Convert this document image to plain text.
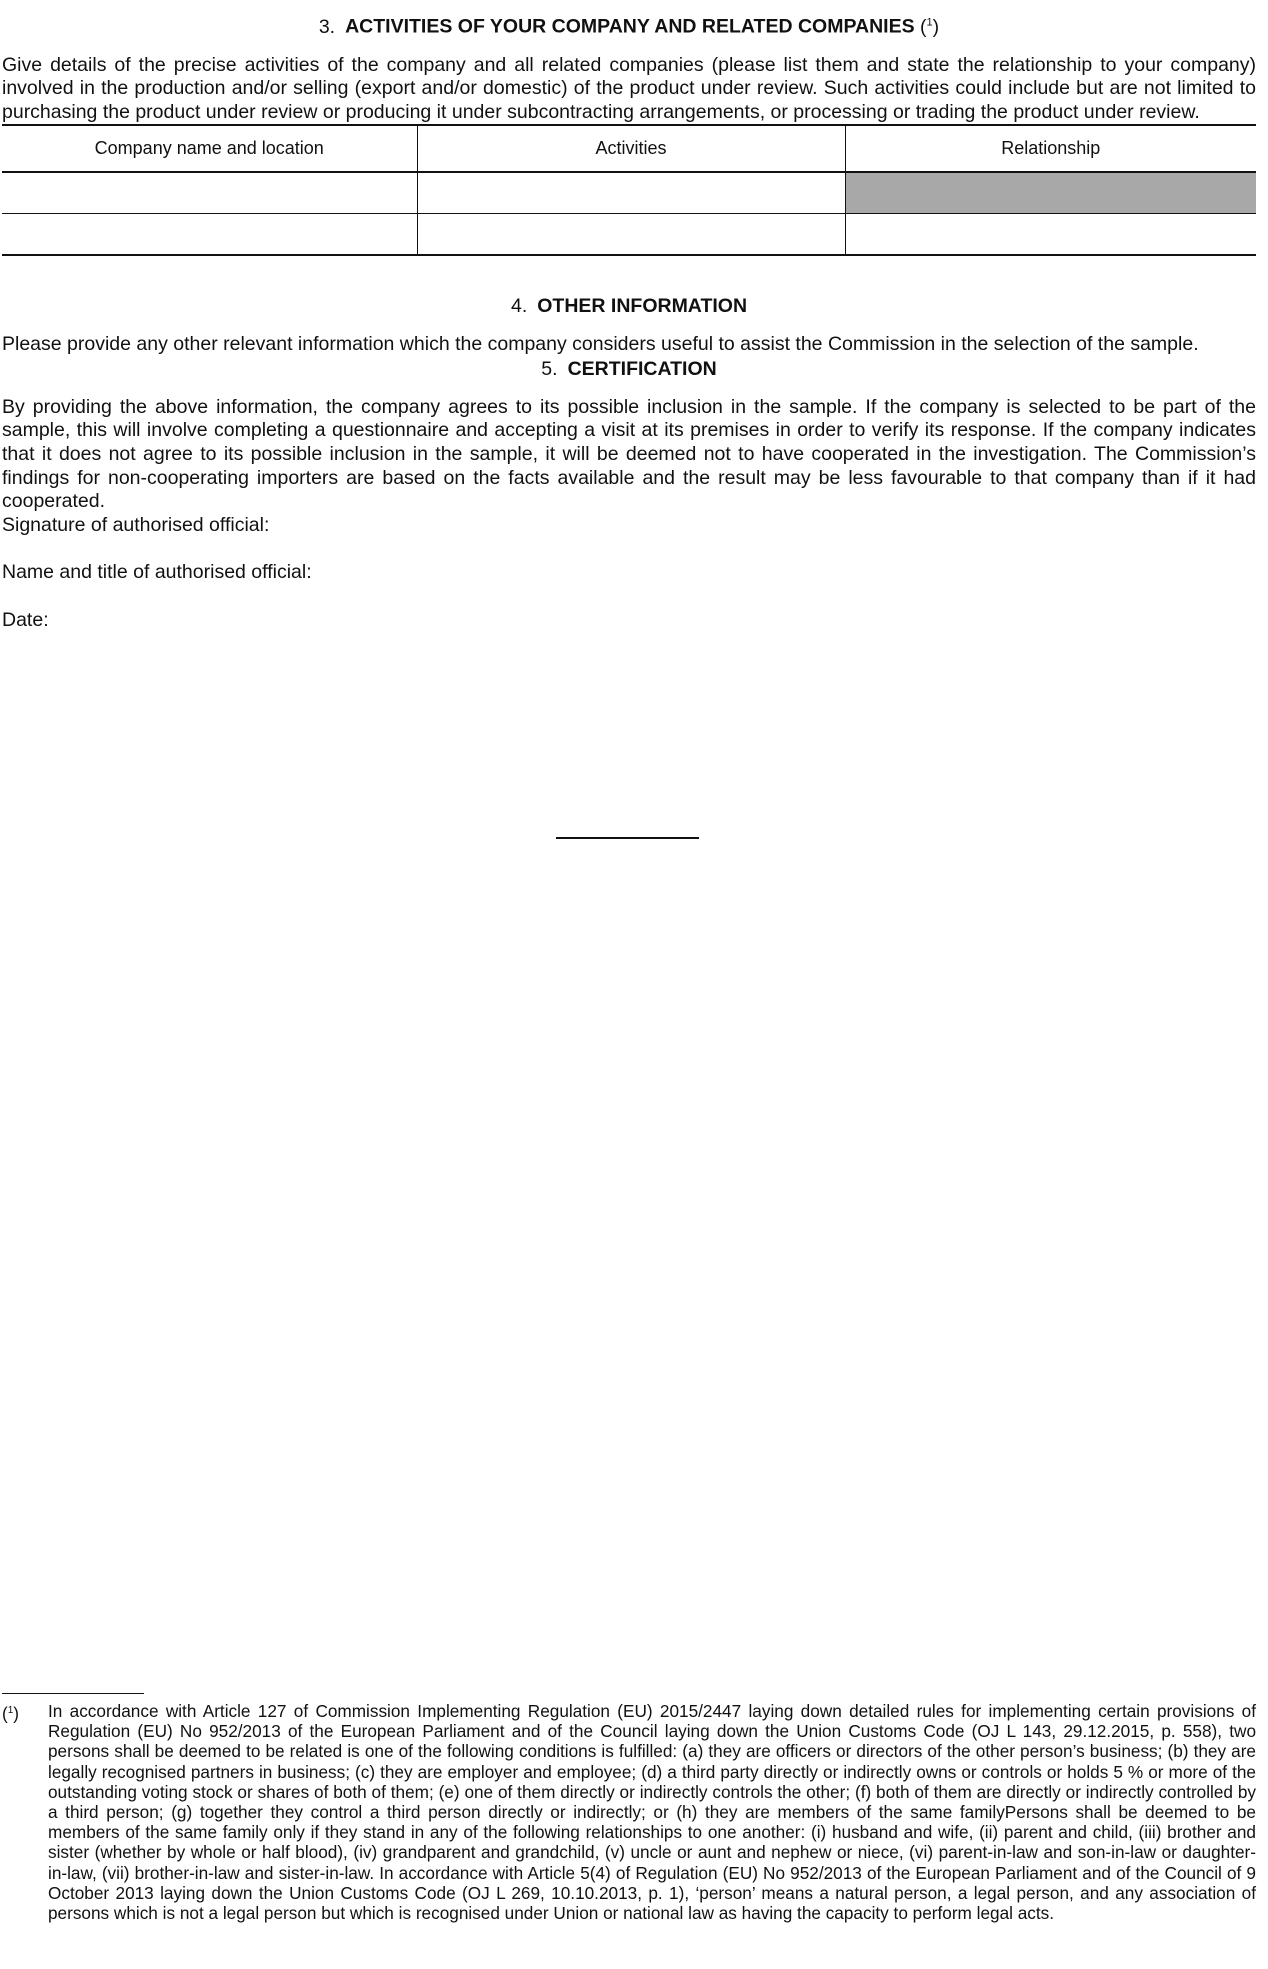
3. ACTIVITIES OF YOUR COMPANY AND RELATED COMPANIES ($^1$)

Give details of the precise activities of the company and all related companies (please list them and state the relationship to your company) involved in the production and/or selling (export and/or domestic) of the product under review. Such activities could include but are not limited to purchasing the product under review or producing it under subcontracting arrangements, or processing or trading the product under review.

Company name and location	Activities	Relationship

4. OTHER INFORMATION

Please provide any other relevant information which the company considers useful to assist the Commission in the selection of the sample.

5. CERTIFICATION

By providing the above information, the company agrees to its possible inclusion in the sample. If the company is selected to be part of the sample, this will involve completing a questionnaire and accepting a visit at its premises in order to verify its response. If the company indicates that it does not agree to its possible inclusion in the sample, it will be deemed not to have cooperated in the investigation. The Commission’s findings for non-cooperating importers are based on the facts available and the result may be less favourable to that company than if it had cooperated.

Signature of authorised official:

Name and title of authorised official:

Date:

($^1$) In accordance with Article 127 of Commission Implementing Regulation (EU) 2015/2447 laying down detailed rules for implementing certain provisions of Regulation (EU) No 952/2013 of the European Parliament and of the Council laying down the Union Customs Code (OJ L 143, 29.12.2015, p. 558), two persons shall be deemed to be related is one of the following conditions is fulfilled: (a) they are officers or directors of the other person’s business; (b) they are legally recognised partners in business; (c) they are employer and employee; (d) a third party directly or indirectly owns or controls or holds 5 % or more of the outstanding voting stock or shares of both of them; (e) one of them directly or indirectly controls the other; (f) both of them are directly or indirectly controlled by a third person; (g) together they control a third person directly or indirectly; or (h) they are members of the same familyPersons shall be deemed to be members of the same family only if they stand in any of the following relationships to one another: (i) husband and wife, (ii) parent and child, (iii) brother and sister (whether by whole or half blood), (iv) grandparent and grandchild, (v) uncle or aunt and nephew or niece, (vi) parent-in-law and son-in-law or daughter-in-law, (vii) brother-in-law and sister-in-law. In accordance with Article 5(4) of Regulation (EU) No 952/2013 of the European Parliament and of the Council of 9 October 2013 laying down the Union Customs Code (OJ L 269, 10.10.2013, p. 1), ‘person’ means a natural person, a legal person, and any association of persons which is not a legal person but which is recognised under Union or national law as having the capacity to perform legal acts.
